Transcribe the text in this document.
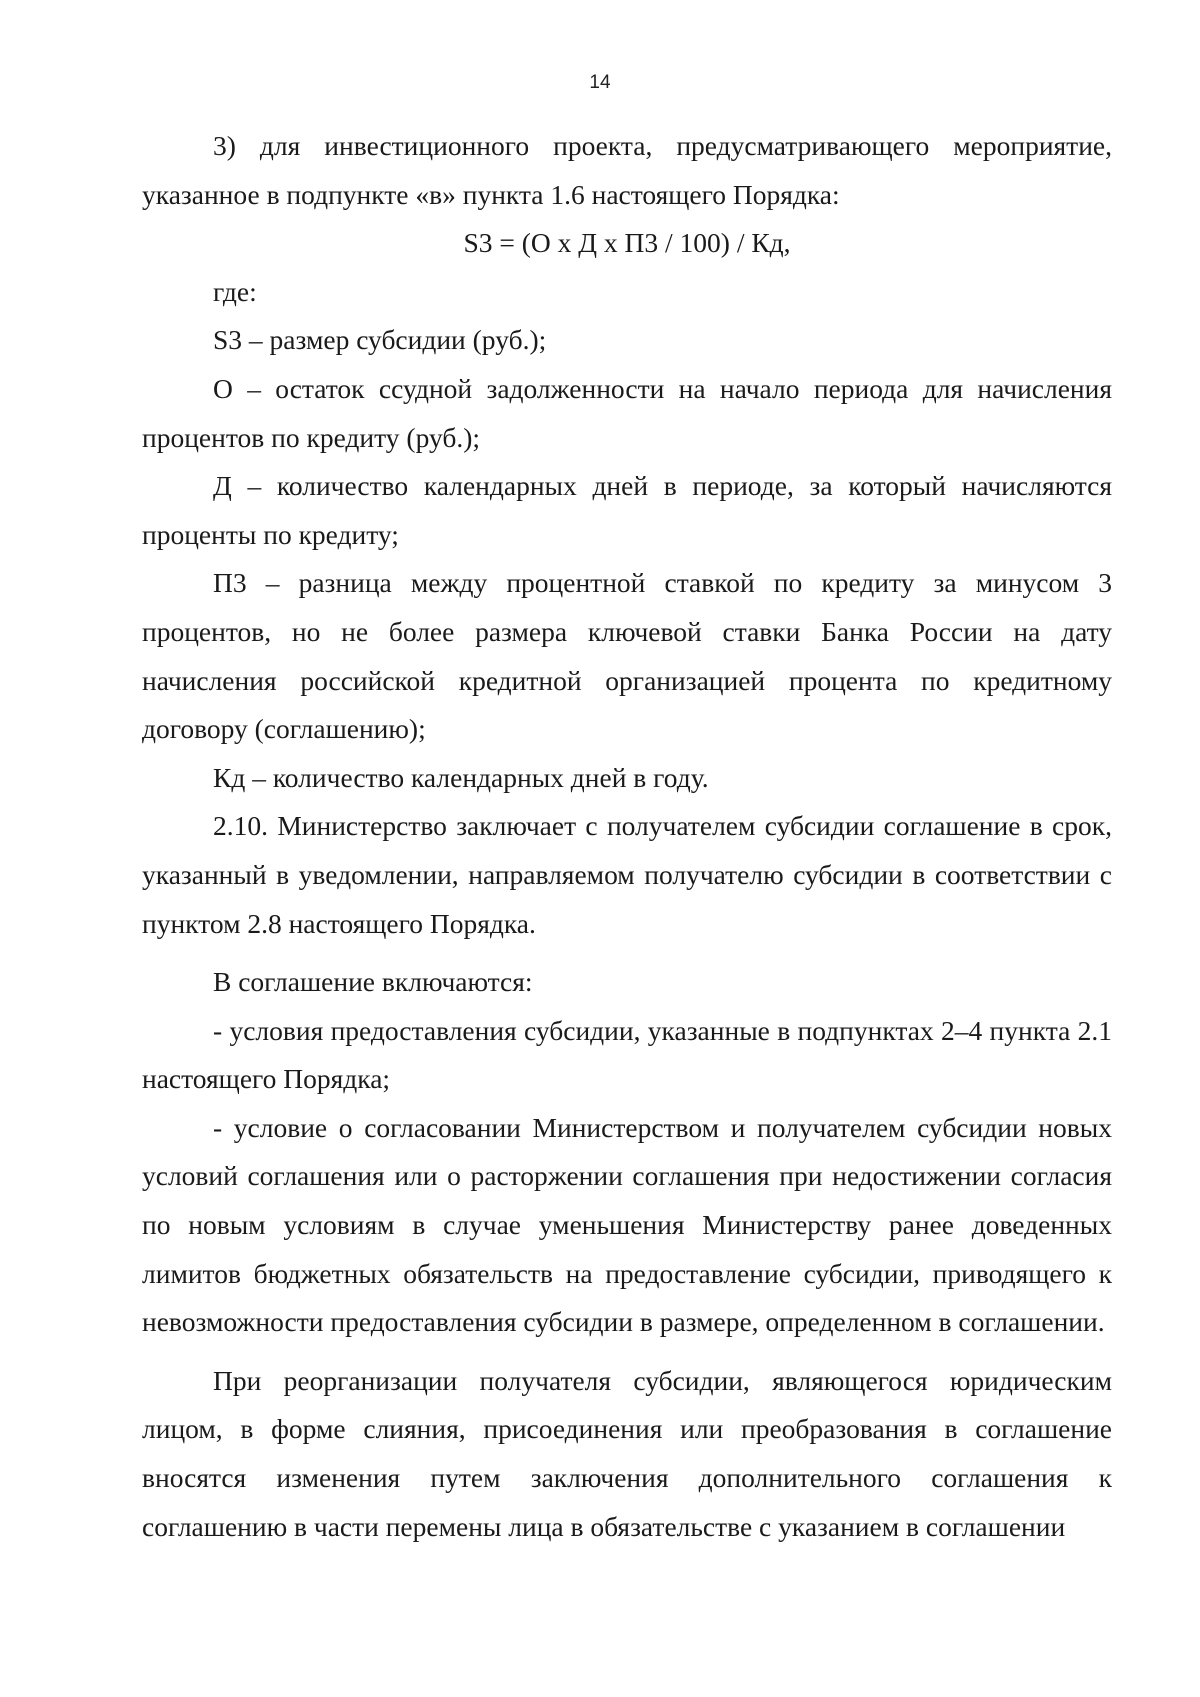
14

3) для инвестиционного проекта, предусматривающего мероприятие, указанное в подпункте «в» пункта 1.6 настоящего Порядка:

S3 = (О х Д х П3 / 100) / Кд,

где:

S3 – размер субсидии (руб.);

О – остаток ссудной задолженности на начало периода для начисления процентов по кредиту (руб.);

Д – количество календарных дней в периоде, за который начисляются проценты по кредиту;

П3 – разница между процентной ставкой по кредиту за минусом 3 процентов, но не более размера ключевой ставки Банка России на дату начисления российской кредитной организацией процента по кредитному договору (соглашению);

Кд – количество календарных дней в году.

2.10. Министерство заключает с получателем субсидии соглашение в срок, указанный в уведомлении, направляемом получателю субсидии в соответствии с пунктом 2.8 настоящего Порядка.

В соглашение включаются:

- условия предоставления субсидии, указанные в подпунктах 2–4 пункта 2.1 настоящего Порядка;

- условие о согласовании Министерством и получателем субсидии новых условий соглашения или о расторжении соглашения при недостижении согласия по новым условиям в случае уменьшения Министерству ранее доведенных лимитов бюджетных обязательств на предоставление субсидии, приводящего к невозможности предоставления субсидии в размере, определенном в соглашении.

При реорганизации получателя субсидии, являющегося юридическим лицом, в форме слияния, присоединения или преобразования в соглашение вносятся изменения путем заключения дополнительного соглашения к соглашению в части перемены лица в обязательстве с указанием в соглашении
